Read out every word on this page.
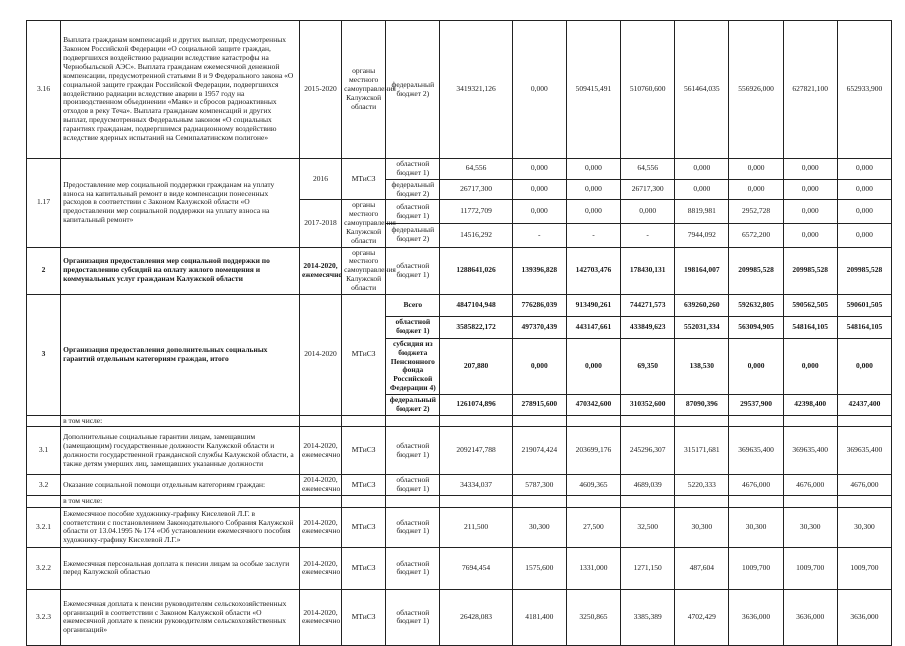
3.16	Выплата гражданам компенсаций и других выплат, предусмотренных Законом Российской Федерации «О социальной защите граждан, подвергшихся воздействию радиации вследствие катастрофы на Чернобыльской АЭС». Выплата гражданам ежемесячной денежной компенсации, предусмотренной статьями 8 и 9 Федерального закона «О социальной защите граждан Российской Федерации, подвергшихся воздействию радиации вследствие аварии в 1957 году на производственном объединении «Маяк» и сбросов радиоактивных отходов в реку Теча». Выплата гражданам компенсаций и других выплат, предусмотренных Федеральным законом «О социальных гарантиях гражданам, подвергшимся радиационному воздействию вследствие ядерных испытаний на Семипалатинском полигоне»	2015-2020	органы местного самоуправления Калужской области	федеральный бюджет 2)	3419321,126	0,000	509415,491	510760,600	561464,035	556926,000	627821,100	652933,900
1.17	Предоставление мер социальной поддержки гражданам на уплату взноса на капитальный ремонт в виде компенсации понесенных расходов в соответствии с Законом Калужской области «О предоставлении мер социальной поддержки на уплату взноса на капитальный ремонт»	2016	МТиСЗ	областной бюджет 1)	64,556	0,000	0,000	64,556	0,000	0,000	0,000	0,000
				федеральный бюджет 2)	26717,300	0,000	0,000	26717,300	0,000	0,000	0,000	0,000
		2017-2018	органы местного самоуправления Калужской области	областной бюджет 1)	11772,709	0,000	0,000	0,000	8819,981	2952,728	0,000	0,000
				федеральный бюджет 2)	14516,292	-	-	-	7944,092	6572,200	0,000	0,000
2	Организация предоставления мер социальной поддержки по предоставлению субсидий на оплату жилого помещения и коммунальных услуг гражданам Калужской области	2014-2020, ежемесячно	органы местного самоуправления Калужской области	областной бюджет 1)	1288641,026	139396,828	142703,476	178430,131	198164,007	209985,528	209985,528	209985,528
3	Организация предоставления дополнительных социальных гарантий отдельным категориям граждан, итого	2014-2020	МТиСЗ	Всего	4847104,948	776286,039	913490,261	744271,573	639260,260	592632,805	590562,505	590601,505
				областной бюджет 1)	3585822,172	497370,439	443147,661	433849,623	552031,334	563094,905	548164,105	548164,105
				субсидия из бюджета Пенсионного фонда Российской Федерации 4)	207,880	0,000	0,000	69,350	138,530	0,000	0,000	0,000
				федеральный бюджет 2)	1261074,896	278915,600	470342,600	310352,600	87090,396	29537,900	42398,400	42437,400
	в том числе:											
3.1	Дополнительные социальные гарантии лицам, замещавшим (замещающим) государственные должности Калужской области и должности государственной гражданской службы Калужской области, а также детям умерших лиц, замещавших указанные должности	2014-2020, ежемесячно	МТиСЗ	областной бюджет 1)	2092147,788	219074,424	203699,176	245296,307	315171,681	369635,400	369635,400	369635,400
3.2	Оказание социальной помощи отдельным категориям граждан:	2014-2020, ежемесячно	МТиСЗ	областной бюджет 1)	34334,037	5787,300	4609,365	4689,039	5220,333	4676,000	4676,000	4676,000
	в том числе:											
3.2.1	Ежемесячное пособие художнику-графику Киселевой Л.Г. в соответствии с постановлением Законодательного Собрания Калужской области от 13.04.1995 № 174 «Об установлении ежемесячного пособия художнику-графику Киселевой Л.Г.»	2014-2020, ежемесячно	МТиСЗ	областной бюджет 1)	211,500	30,300	27,500	32,500	30,300	30,300	30,300	30,300
3.2.2	Ежемесячная персональная доплата к пенсии лицам за особые заслуги перед Калужской областью	2014-2020, ежемесячно	МТиСЗ	областной бюджет 1)	7694,454	1575,600	1331,000	1271,150	487,604	1009,700	1009,700	1009,700
3.2.3	Ежемесячная доплата к пенсии руководителям сельскохозяйственных организаций в соответствии с Законом Калужской области «О ежемесячной доплате к пенсии руководителям сельскохозяйственных организаций»	2014-2020, ежемесячно	МТиСЗ	областной бюджет 1)	26428,083	4181,400	3250,865	3385,389	4702,429	3636,000	3636,000	3636,000
